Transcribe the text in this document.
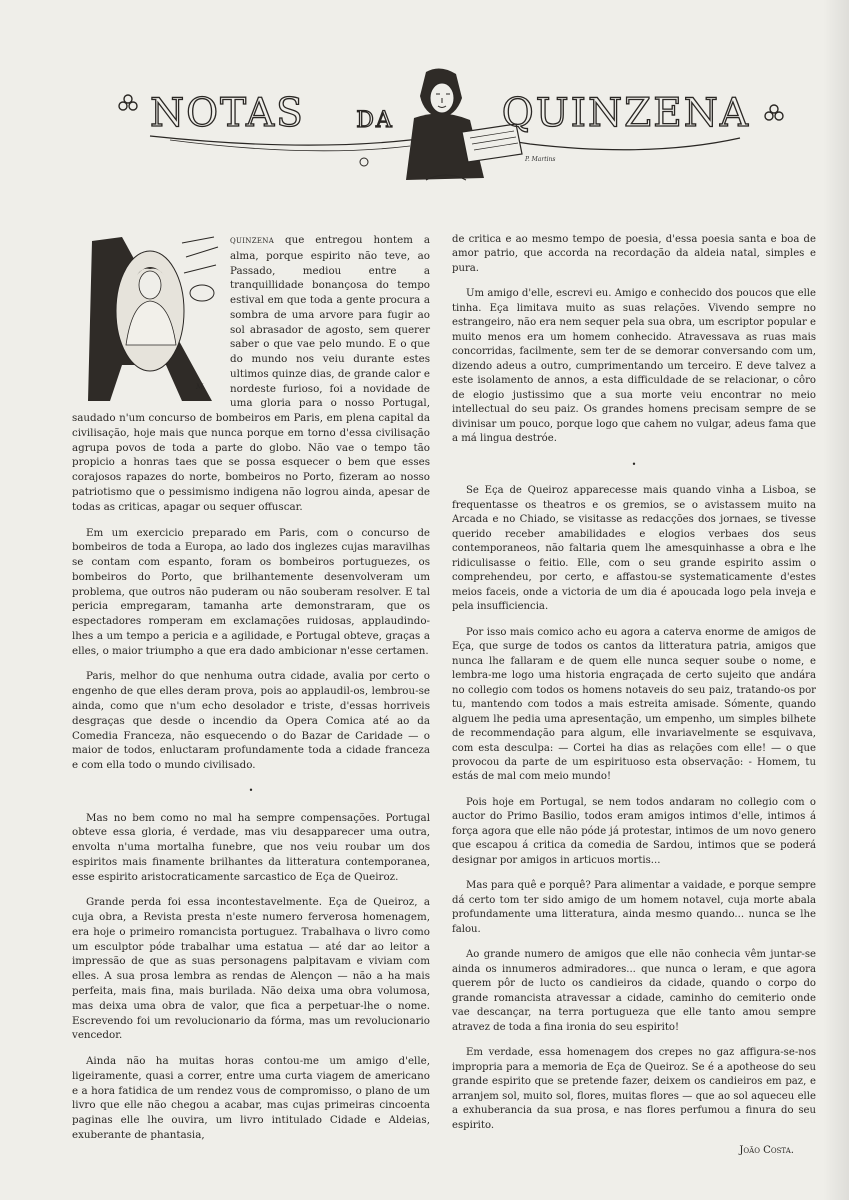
NOTAS	DA	QUINZENA
P. Martins
M.

quinzena que entregou hontem a alma, porque espirito não teve, ao Passado, mediou entre a tranquillidade bonançosa do tempo estival em que toda a gente procura a sombra de uma arvore para fugir ao sol abrasador de agosto, sem querer saber o que vae pelo mundo. E o que do mundo nos veiu durante estes ultimos quinze dias, de grande calor e nordeste furioso, foi a novidade de uma gloria para o nosso Portugal, saudado n'um concurso de bombeiros em Paris, em plena capital da civilisação, hoje mais que nunca porque em torno d'essa civilisação agrupa povos de toda a parte do globo. Não vae o tempo tão propicio a honras taes que se possa esquecer o bem que esses corajosos rapazes do norte, bombeiros no Porto, fizeram ao nosso patriotismo que o pessimismo indigena não logrou ainda, apesar de todas as criticas, apagar ou sequer offuscar.

Em um exercicio preparado em Paris, com o concurso de bombeiros de toda a Europa, ao lado dos inglezes cujas maravilhas se contam com espanto, foram os bombeiros portuguezes, os bombeiros do Porto, que brilhantemente desenvolveram um problema, que outros não puderam ou não souberam resolver. E tal pericia empregaram, tamanha arte demonstraram, que os espectadores romperam em exclamações ruidosas, applaudindo-lhes a um tempo a pericia e a agilidade, e Portugal obteve, graças a elles, o maior triumpho a que era dado ambicionar n'esse certamen.

Paris, melhor do que nenhuma outra cidade, avalia por certo o engenho de que elles deram prova, pois ao applaudil-os, lembrou-se ainda, como que n'um echo desolador e triste, d'essas horriveis desgraças que desde o incendio da Opera Comica até ao da Comedia Franceza, não esquecendo o do Bazar de Caridade — o maior de todos, enluctaram profundamente toda a cidade franceza e com ella todo o mundo civilisado.

•

Mas no bem como no mal ha sempre compensações. Portugal obteve essa gloria, é verdade, mas viu desapparecer uma outra, envolta n'uma mortalha funebre, que nos veiu roubar um dos espiritos mais finamente brilhantes da litteratura contemporanea, esse espirito aristocraticamente sarcastico de Eça de Queiroz.

Grande perda foi essa incontestavelmente. Eça de Queiroz, a cuja obra, a Revista presta n'este numero ferverosa homenagem, era hoje o primeiro romancista portuguez. Trabalhava o livro como um esculptor póde trabalhar uma estatua — até dar ao leitor a impressão de que as suas personagens palpitavam e viviam com elles. A sua prosa lembra as rendas de Alençon — não a ha mais perfeita, mais fina, mais burilada. Não deixa uma obra volumosa, mas deixa uma obra de valor, que fica a perpetuar-lhe o nome. Escrevendo foi um revolucionario da fórma, mas um revolucionario vencedor.

Ainda não ha muitas horas contou-me um amigo d'elle, ligeiramente, quasi a correr, entre uma curta viagem de americano e a hora fatidica de um rendez vous de compromisso, o plano de um livro que elle não chegou a acabar, mas cujas primeiras cincoenta paginas elle lhe ouvira, um livro intitulado Cidade e Aldeias, exuberante de phantasia,

de critica e ao mesmo tempo de poesia, d'essa poesia santa e boa de amor patrio, que accorda na recordação da aldeia natal, simples e pura.

Um amigo d'elle, escrevi eu. Amigo e conhecido dos poucos que elle tinha. Eça limitava muito as suas relações. Vivendo sempre no estrangeiro, não era nem sequer pela sua obra, um escriptor popular e muito menos era um homem conhecido. Atravessava as ruas mais concorridas, facilmente, sem ter de se demorar conversando com um, dizendo adeus a outro, cumprimentando um terceiro. E deve talvez a este isolamento de annos, a esta difficuldade de se relacionar, o côro de elogio justissimo que a sua morte veiu encontrar no meio intellectual do seu paiz. Os grandes homens precisam sempre de se divinisar um pouco, porque logo que cahem no vulgar, adeus fama que a má lingua destróe.

•

Se Eça de Queiroz apparecesse mais quando vinha a Lisboa, se frequentasse os theatros e os gremios, se o avistassem muito na Arcada e no Chiado, se visitasse as redacções dos jornaes, se tivesse querido receber amabilidades e elogios verbaes dos seus contemporaneos, não faltaria quem lhe amesquinhasse a obra e lhe ridiculisasse o feitio. Elle, com o seu grande espirito assim o comprehendeu, por certo, e affastou-se systematicamente d'estes meios faceis, onde a victoria de um dia é apoucada logo pela inveja e pela insufficiencia.

Por isso mais comico acho eu agora a caterva enorme de amigos de Eça, que surge de todos os cantos da litteratura patria, amigos que nunca lhe fallaram e de quem elle nunca sequer soube o nome, e lembra-me logo uma historia engraçada de certo sujeito que andára no collegio com todos os homens notaveis do seu paiz, tratando-os por tu, mantendo com todos a mais estreita amisade. Sómente, quando alguem lhe pedia uma apresentação, um empenho, um simples bilhete de recommendação para algum, elle invariavelmente se esquivava, com esta desculpa: — Cortei ha dias as relações com elle! — o que provocou da parte de um espirituoso esta observação: - Homem, tu estás de mal com meio mundo!

Pois hoje em Portugal, se nem todos andaram no collegio com o auctor do Primo Basilio, todos eram amigos intimos d'elle, intimos á força agora que elle não póde já protestar, intimos de um novo genero que escapou á critica da comedia de Sardou, intimos que se poderá designar por amigos in articuos mortis...

Mas para quê e porquê? Para alimentar a vaidade, e porque sempre dá certo tom ter sido amigo de um homem notavel, cuja morte abala profundamente uma litteratura, ainda mesmo quando... nunca se lhe falou.

Ao grande numero de amigos que elle não conhecia vêm juntar-se ainda os innumeros admiradores... que nunca o leram, e que agora querem pôr de lucto os candieiros da cidade, quando o corpo do grande romancista atravessar a cidade, caminho do cemiterio onde vae descançar, na terra portugueza que elle tanto amou sempre atravez de toda a fina ironia do seu espirito!

Em verdade, essa homenagem dos crepes no gaz affigura-se-nos impropria para a memoria de Eça de Queiroz. Se é a apotheose do seu grande espirito que se pretende fazer, deixem os candieiros em paz, e arranjem sol, muito sol, flores, muitas flores — que ao sol aqueceu elle a exhuberancia da sua prosa, e nas flores perfumou a finura do seu espirito.

João Costa.
